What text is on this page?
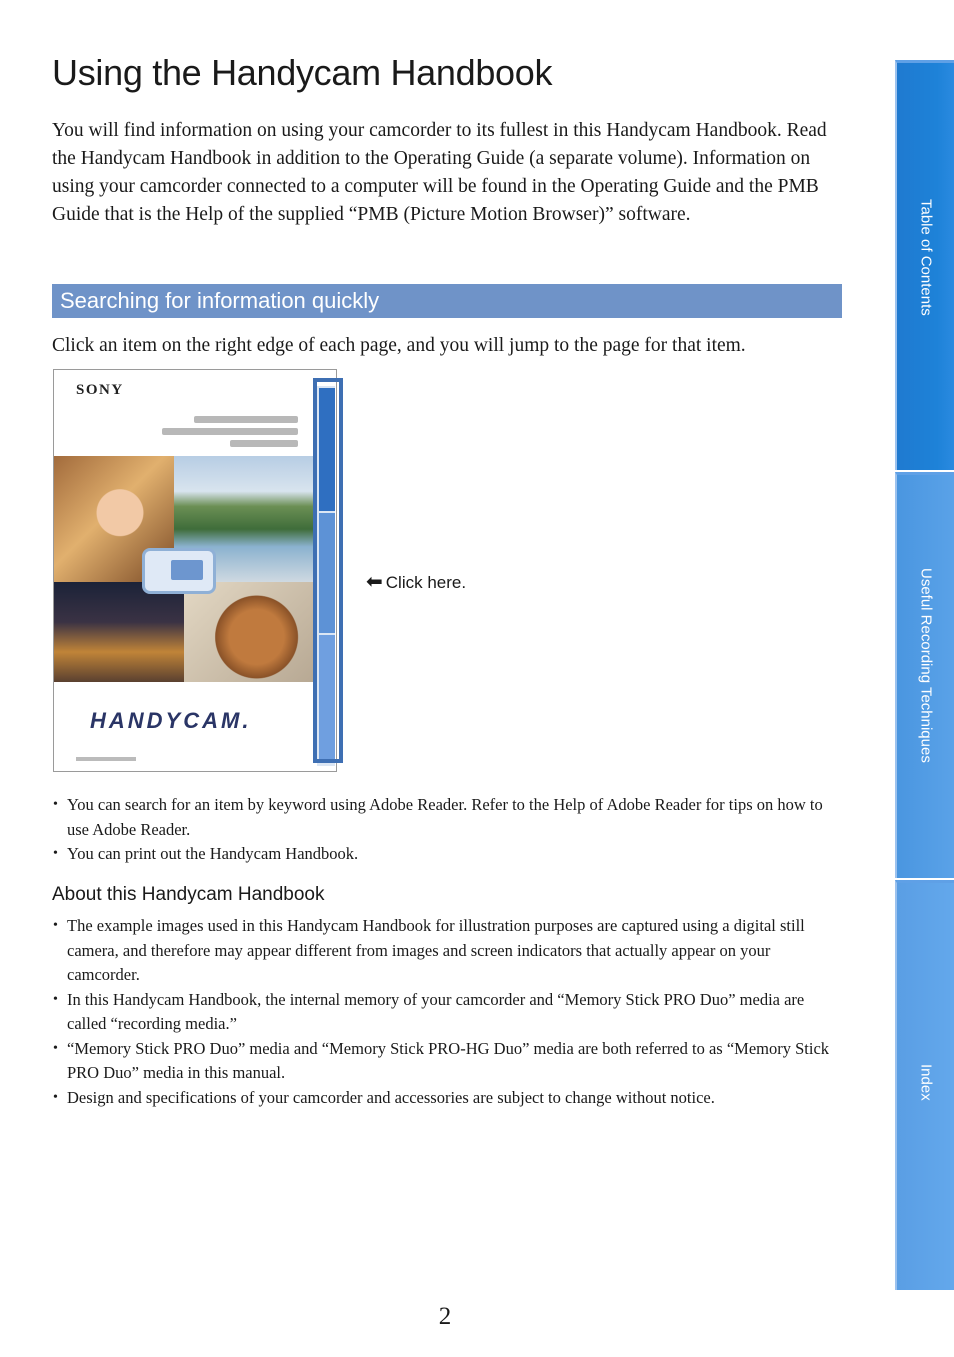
Using the Handycam Handbook

You will find information on using your camcorder to its fullest in this Handycam Handbook. Read the Handycam Handbook in addition to the Operating Guide (a separate volume). Information on using your camcorder connected to a computer will be found in the Operating Guide and the PMB Guide that is the Help of the supplied “PMB (Picture Motion Browser)” software.

Searching for information quickly

Click an item on the right edge of each page, and you will jump to the page for that item.

SONY
HANDYCAM.
⬅ Click here.
• You can search for an item by keyword using Adobe Reader. Refer to the Help of Adobe Reader for tips on how to use Adobe Reader.
• You can print out the Handycam Handbook.
About this Handycam Handbook
• The example images used in this Handycam Handbook for illustration purposes are captured using a digital still camera, and therefore may appear different from images and screen indicators that actually appear on your camcorder.
• In this Handycam Handbook, the internal memory of your camcorder and “Memory Stick PRO Duo” media are called “recording media.”
• “Memory Stick PRO Duo” media and “Memory Stick PRO-HG Duo” media are both referred to as “Memory Stick PRO Duo” media in this manual.
• Design and specifications of your camcorder and accessories are subject to change without notice.
2
Table of Contents
Useful Recording Techniques
Index
